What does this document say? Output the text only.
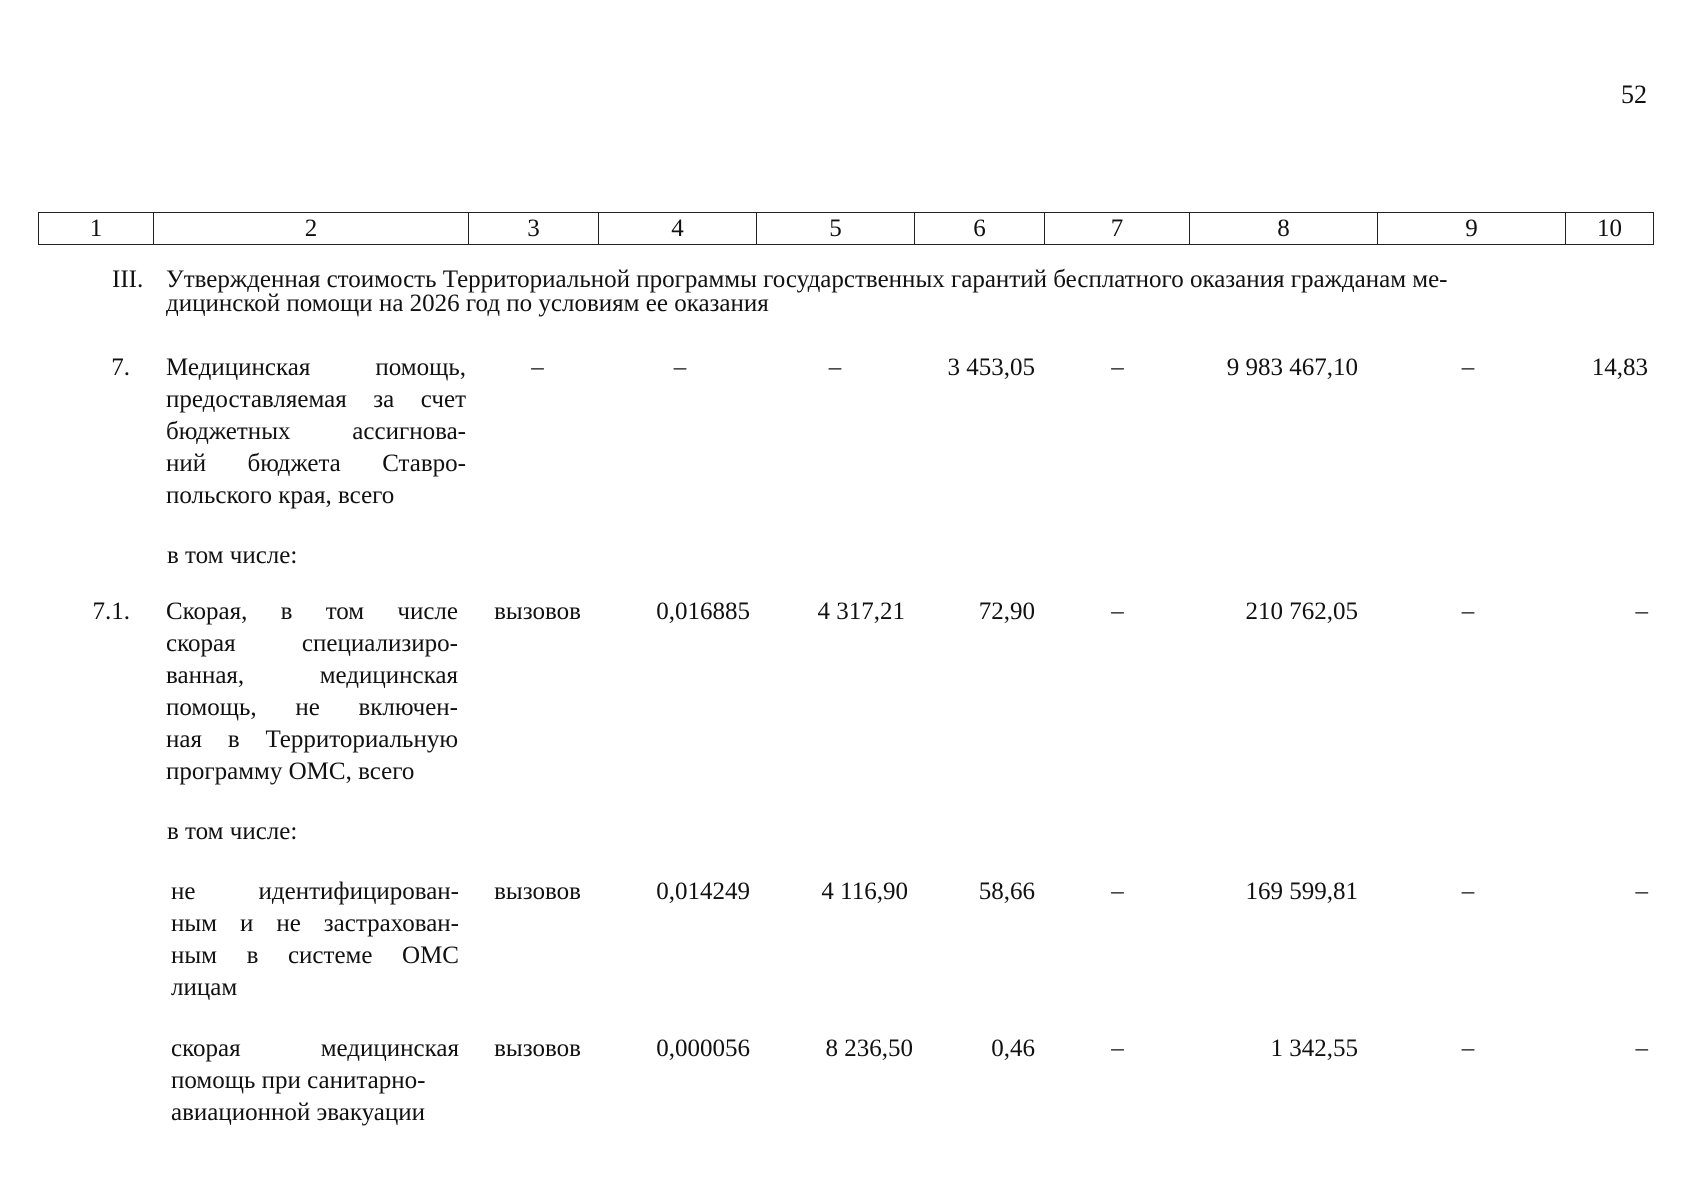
52
1	2	3	4	5	6	7	8	9	10
III. Утвержденная стоимость Территориальной программы государственных гарантий бесплатного оказания гражданам ме-
дицинской помощи на 2026 год по условиям ее оказания
7. Медицинская помощь,
предоставляемая за счет
бюджетных ассигнова-
ний бюджета Ставро-
польского края, всего
–	–	–	3 453,05	–	9 983 467,10	–	14,83
в том числе:
7.1. Скорая, в том числе
скорая специализиро-
ванная, медицинская
помощь, не включен-
ная в Территориальную
программу ОМС, всего
вызовов	0,016885	4 317,21	72,90	–	210 762,05	–	–
в том числе:
не идентифицирован-
ным и не застрахован-
ным в системе ОМС
лицам
вызовов	0,014249	4 116,90	58,66	–	169 599,81	–	–
скорая медицинская
помощь при санитарно-
авиационной эвакуации
вызовов	0,000056	8 236,50	0,46	–	1 342,55	–	–
